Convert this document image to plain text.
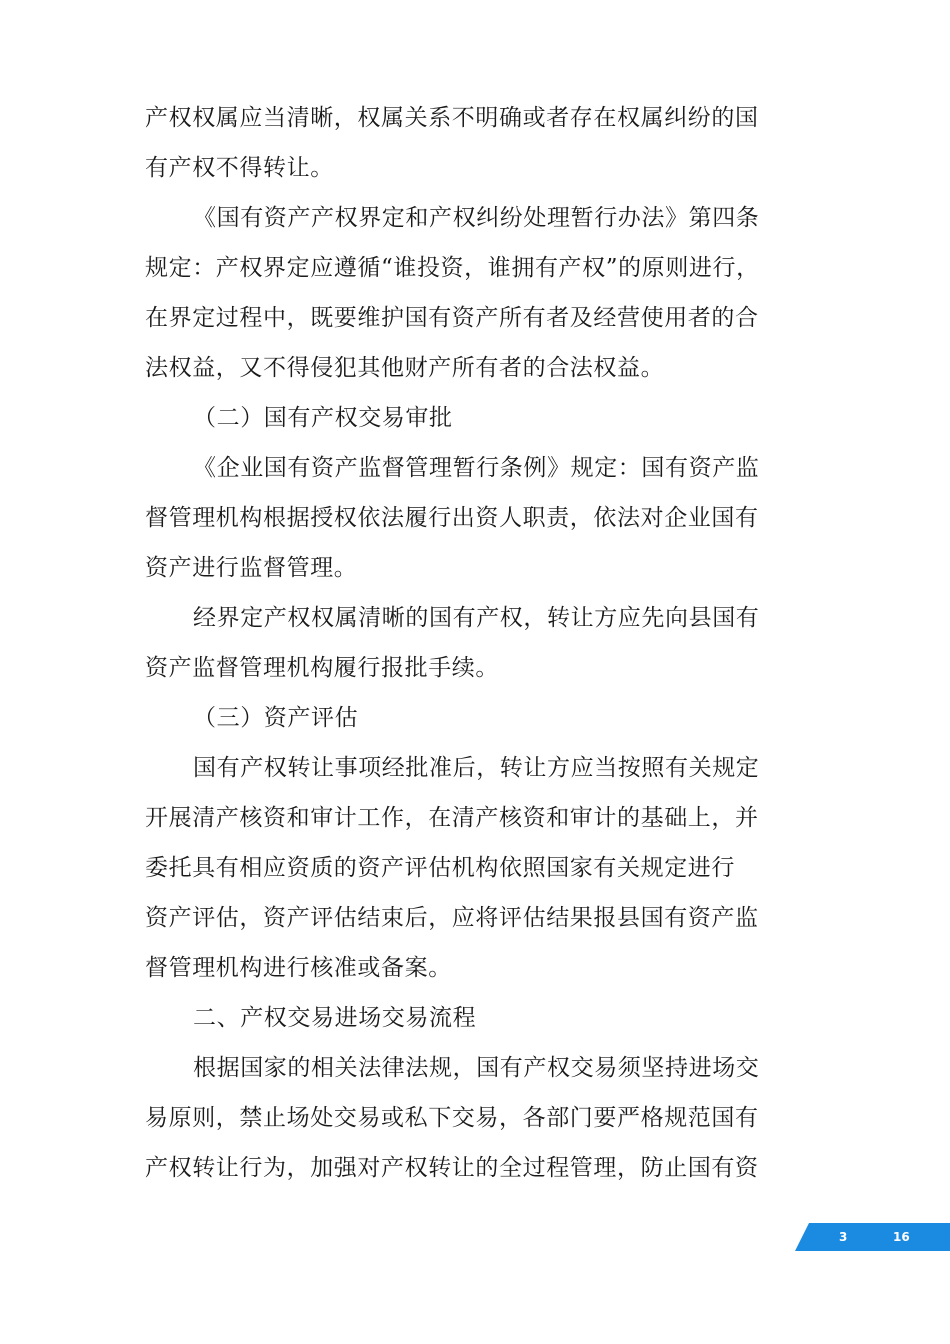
产权权属应当清晰，权属关系不明确或者存在权属纠纷的国
有产权不得转让。
《国有资产产权界定和产权纠纷处理暂行办法》第四条
规定：产权界定应遵循“谁投资，谁拥有产权”的原则进行，
在界定过程中，既要维护国有资产所有者及经营使用者的合
法权益，又不得侵犯其他财产所有者的合法权益。
（二）国有产权交易审批
《企业国有资产监督管理暂行条例》规定：国有资产监
督管理机构根据授权依法履行出资人职责，依法对企业国有
资产进行监督管理。
经界定产权权属清晰的国有产权，转让方应先向县国有
资产监督管理机构履行报批手续。
（三）资产评估
国有产权转让事项经批准后，转让方应当按照有关规定
开展清产核资和审计工作，在清产核资和审计的基础上，并
委托具有相应资质的资产评估机构依照国家有关规定进行
资产评估，资产评估结束后，应将评估结果报县国有资产监
督管理机构进行核准或备案。
二、产权交易进场交易流程
根据国家的相关法律法规，国有产权交易须坚持进场交
易原则，禁止场处交易或私下交易，各部门要严格规范国有
产权转让行为，加强对产权转让的全过程管理，防止国有资
3	16
